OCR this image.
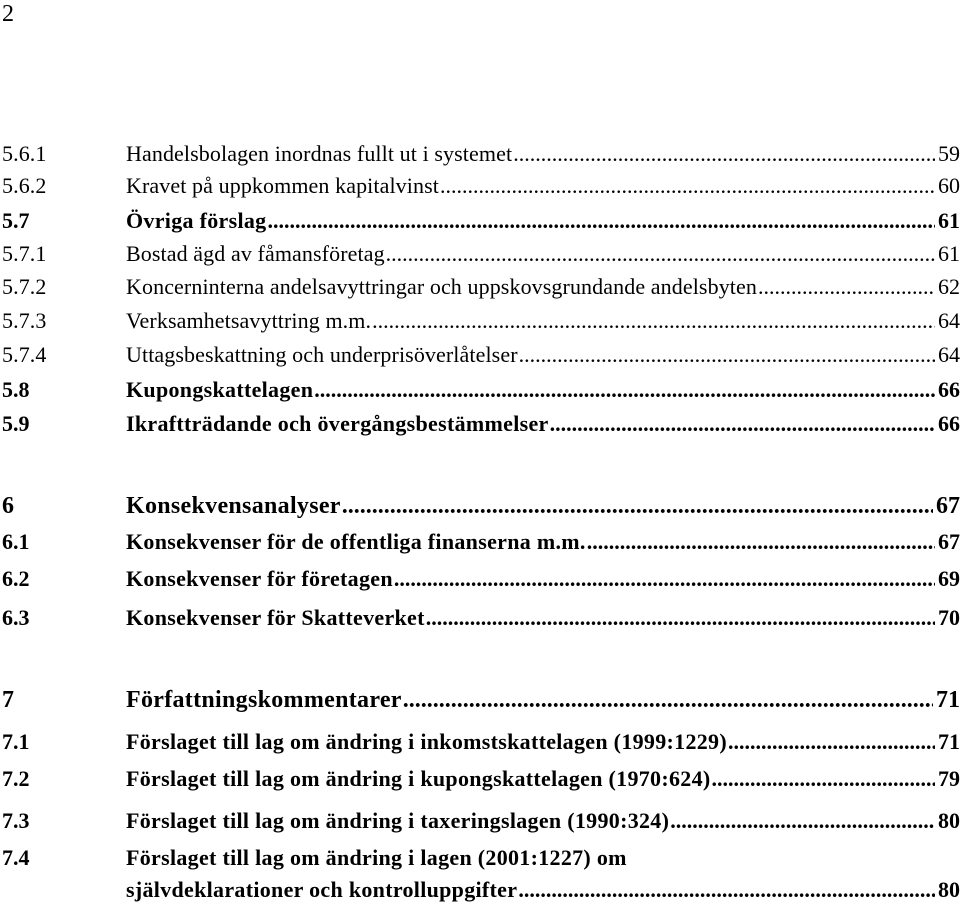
2
5.6.1	Handelsbolagen inordnas fullt ut i systemet .....	59
5.6.2	Kravet på uppkommen kapitalvinst .....	60
5.7	Övriga förslag .....	61
5.7.1	Bostad ägd av fåmansföretag .....	61
5.7.2	Koncerninterna andelsavyttringar och uppskovsgrundande andelsbyten .....	62
5.7.3	Verksamhetsavyttring m.m. .....	64
5.7.4	Uttagsbeskattning och underprisöverlåtelser .....	64
5.8	Kupongskattelagen .....	66
5.9	Ikraftträdande och övergångsbestämmelser .....	66
6	Konsekvensanalyser .....	67
6.1	Konsekvenser för de offentliga finanserna m.m. .....	67
6.2	Konsekvenser för företagen .....	69
6.3	Konsekvenser för Skatteverket .....	70
7	Författningskommentarer .....	71
7.1	Förslaget till lag om ändring i inkomstskattelagen (1999:1229) .....	71
7.2	Förslaget till lag om ändring i kupongskattelagen (1970:624) .....	79
7.3	Förslaget till lag om ändring i taxeringslagen (1990:324) .....	80
7.4	Förslaget till lag om ändring i lagen (2001:1227) om
självdeklarationer och kontrolluppgifter .....	80
